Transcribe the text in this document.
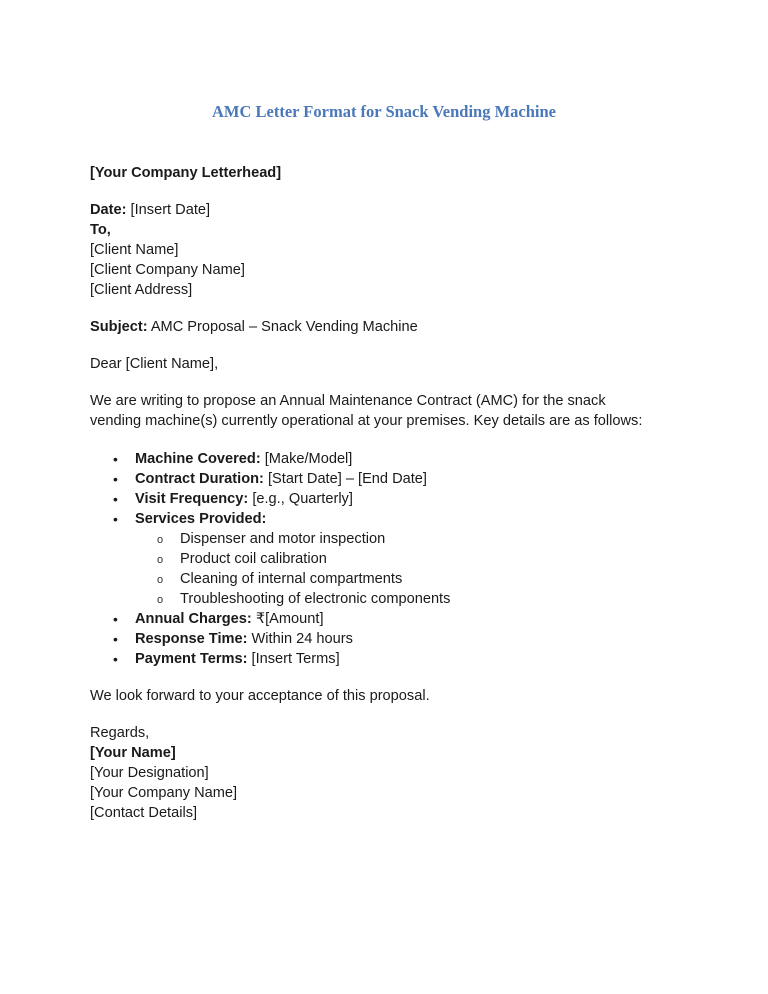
AMC Letter Format for Snack Vending Machine
[Your Company Letterhead]
Date: [Insert Date]
To,
[Client Name]
[Client Company Name]
[Client Address]
Subject: AMC Proposal – Snack Vending Machine
Dear [Client Name],
We are writing to propose an Annual Maintenance Contract (AMC) for the snack
vending machine(s) currently operational at your premises. Key details are as follows:
• Machine Covered: [Make/Model]
• Contract Duration: [Start Date] – [End Date]
• Visit Frequency: [e.g., Quarterly]
• Services Provided:
o Dispenser and motor inspection
o Product coil calibration
o Cleaning of internal compartments
o Troubleshooting of electronic components
• Annual Charges: ₹[Amount]
• Response Time: Within 24 hours
• Payment Terms: [Insert Terms]
We look forward to your acceptance of this proposal.
Regards,
[Your Name]
[Your Designation]
[Your Company Name]
[Contact Details]
